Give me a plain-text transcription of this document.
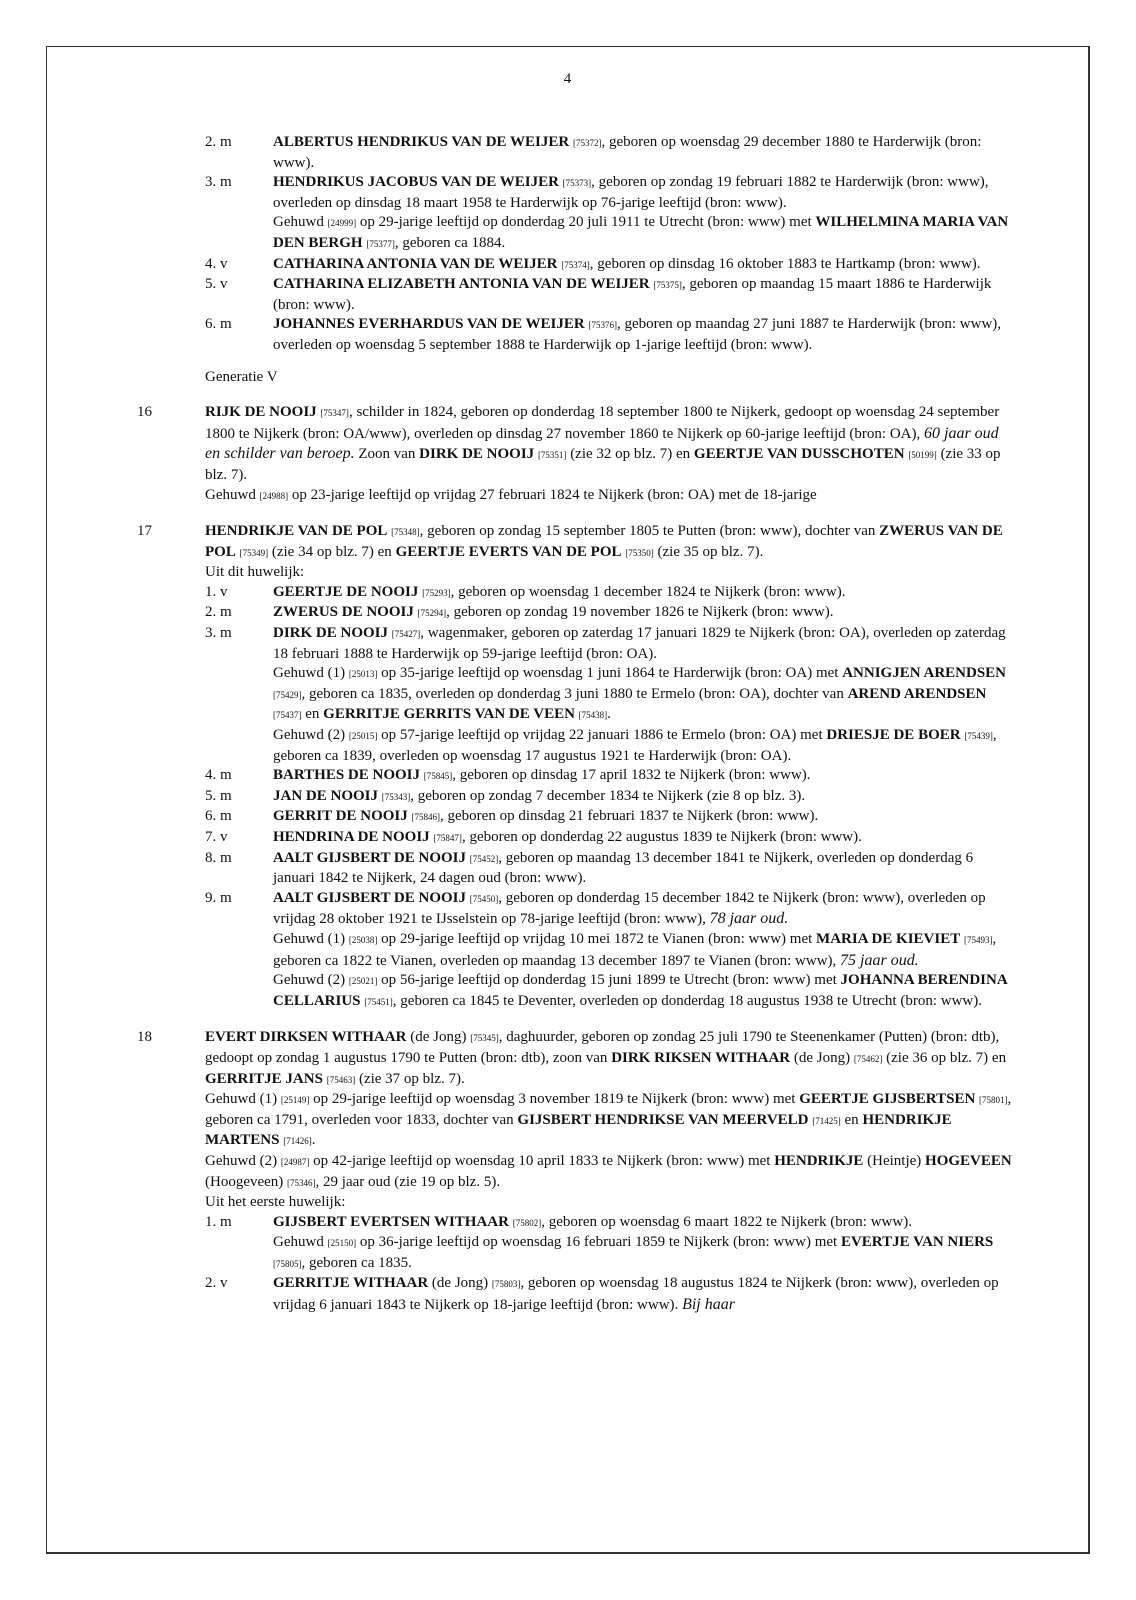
4
2. m	ALBERTUS HENDRIKUS VAN DE WEIJER [75372], geboren op woensdag 29 december 1880 te Harderwijk (bron: www).
3. m	HENDRIKUS JACOBUS VAN DE WEIJER [75373], geboren op zondag 19 februari 1882 te Harderwijk (bron: www), overleden op dinsdag 18 maart 1958 te Harderwijk op 76-jarige leeftijd (bron: www).
Gehuwd [24999] op 29-jarige leeftijd op donderdag 20 juli 1911 te Utrecht (bron: www) met WILHELMINA MARIA VAN DEN BERGH [75377], geboren ca 1884.
4. v	CATHARINA ANTONIA VAN DE WEIJER [75374], geboren op dinsdag 16 oktober 1883 te Hartkamp (bron: www).
5. v	CATHARINA ELIZABETH ANTONIA VAN DE WEIJER [75375], geboren op maandag 15 maart 1886 te Harderwijk (bron: www).
6. m	JOHANNES EVERHARDUS VAN DE WEIJER [75376], geboren op maandag 27 juni 1887 te Harderwijk (bron: www), overleden op woensdag 5 september 1888 te Harderwijk op 1-jarige leeftijd (bron: www).
Generatie V
16	RIJK DE NOOIJ [75347], schilder in 1824, geboren op donderdag 18 september 1800 te Nijkerk, gedoopt op woensdag 24 september 1800 te Nijkerk (bron: OA/www), overleden op dinsdag 27 november 1860 te Nijkerk op 60-jarige leeftijd (bron: OA), 60 jaar oud en schilder van beroep. Zoon van DIRK DE NOOIJ [75351] (zie 32 op blz. 7) en GEERTJE VAN DUSSCHOTEN [50199] (zie 33 op blz. 7).
Gehuwd [24988] op 23-jarige leeftijd op vrijdag 27 februari 1824 te Nijkerk (bron: OA) met de 18-jarige
17	HENDRIKJE VAN DE POL [75348], geboren op zondag 15 september 1805 te Putten (bron: www), dochter van ZWERUS VAN DE POL [75349] (zie 34 op blz. 7) en GEERTJE EVERTS VAN DE POL [75350] (zie 35 op blz. 7).
Uit dit huwelijk:
1. v	GEERTJE DE NOOIJ [75293], geboren op woensdag 1 december 1824 te Nijkerk (bron: www).
2. m	ZWERUS DE NOOIJ [75294], geboren op zondag 19 november 1826 te Nijkerk (bron: www).
3. m	DIRK DE NOOIJ [75427], wagenmaker, geboren op zaterdag 17 januari 1829 te Nijkerk (bron: OA), overleden op zaterdag 18 februari 1888 te Harderwijk op 59-jarige leeftijd (bron: OA).
Gehuwd (1) [25013] op 35-jarige leeftijd op woensdag 1 juni 1864 te Harderwijk (bron: OA) met ANNIGJEN ARENDSEN [75429], geboren ca 1835, overleden op donderdag 3 juni 1880 te Ermelo (bron: OA), dochter van AREND ARENDSEN [75437] en GERRITJE GERRITS VAN DE VEEN [75438].
Gehuwd (2) [25015] op 57-jarige leeftijd op vrijdag 22 januari 1886 te Ermelo (bron: OA) met DRIESJE DE BOER [75439], geboren ca 1839, overleden op woensdag 17 augustus 1921 te Harderwijk (bron: OA).
4. m	BARTHES DE NOOIJ [75845], geboren op dinsdag 17 april 1832 te Nijkerk (bron: www).
5. m	JAN DE NOOIJ [75343], geboren op zondag 7 december 1834 te Nijkerk (zie 8 op blz. 3).
6. m	GERRIT DE NOOIJ [75846], geboren op dinsdag 21 februari 1837 te Nijkerk (bron: www).
7. v	HENDRINA DE NOOIJ [75847], geboren op donderdag 22 augustus 1839 te Nijkerk (bron: www).
8. m	AALT GIJSBERT DE NOOIJ [75452], geboren op maandag 13 december 1841 te Nijkerk, overleden op donderdag 6 januari 1842 te Nijkerk, 24 dagen oud (bron: www).
9. m	AALT GIJSBERT DE NOOIJ [75450], geboren op donderdag 15 december 1842 te Nijkerk (bron: www), overleden op vrijdag 28 oktober 1921 te IJsselstein op 78-jarige leeftijd (bron: www), 78 jaar oud.
Gehuwd (1) [25038] op 29-jarige leeftijd op vrijdag 10 mei 1872 te Vianen (bron: www) met MARIA DE KIEVIET [75493], geboren ca 1822 te Vianen, overleden op maandag 13 december 1897 te Vianen (bron: www), 75 jaar oud.
Gehuwd (2) [25021] op 56-jarige leeftijd op donderdag 15 juni 1899 te Utrecht (bron: www) met JOHANNA BERENDINA CELLARIUS [75451], geboren ca 1845 te Deventer, overleden op donderdag 18 augustus 1938 te Utrecht (bron: www).
18	EVERT DIRKSEN WITHAAR (de Jong) [75345], daghuurder, geboren op zondag 25 juli 1790 te Steenenkamer (Putten) (bron: dtb), gedoopt op zondag 1 augustus 1790 te Putten (bron: dtb), zoon van DIRK RIKSEN WITHAAR (de Jong) [75462] (zie 36 op blz. 7) en GERRITJE JANS [75463] (zie 37 op blz. 7).
Gehuwd (1) [25149] op 29-jarige leeftijd op woensdag 3 november 1819 te Nijkerk (bron: www) met GEERTJE GIJSBERTSEN [75801], geboren ca 1791, overleden voor 1833, dochter van GIJSBERT HENDRIKSE VAN MEERVELD [71425] en HENDRIKJE MARTENS [71426].
Gehuwd (2) [24987] op 42-jarige leeftijd op woensdag 10 april 1833 te Nijkerk (bron: www) met HENDRIKJE (Heintje) HOGEVEEN (Hoogeveen) [75346], 29 jaar oud (zie 19 op blz. 5).
Uit het eerste huwelijk:
1. m	GIJSBERT EVERTSEN WITHAAR [75802], geboren op woensdag 6 maart 1822 te Nijkerk (bron: www).
Gehuwd [25150] op 36-jarige leeftijd op woensdag 16 februari 1859 te Nijkerk (bron: www) met EVERTJE VAN NIERS [75805], geboren ca 1835.
2. v	GERRITJE WITHAAR (de Jong) [75803], geboren op woensdag 18 augustus 1824 te Nijkerk (bron: www), overleden op vrijdag 6 januari 1843 te Nijkerk op 18-jarige leeftijd (bron: www). Bij haar
